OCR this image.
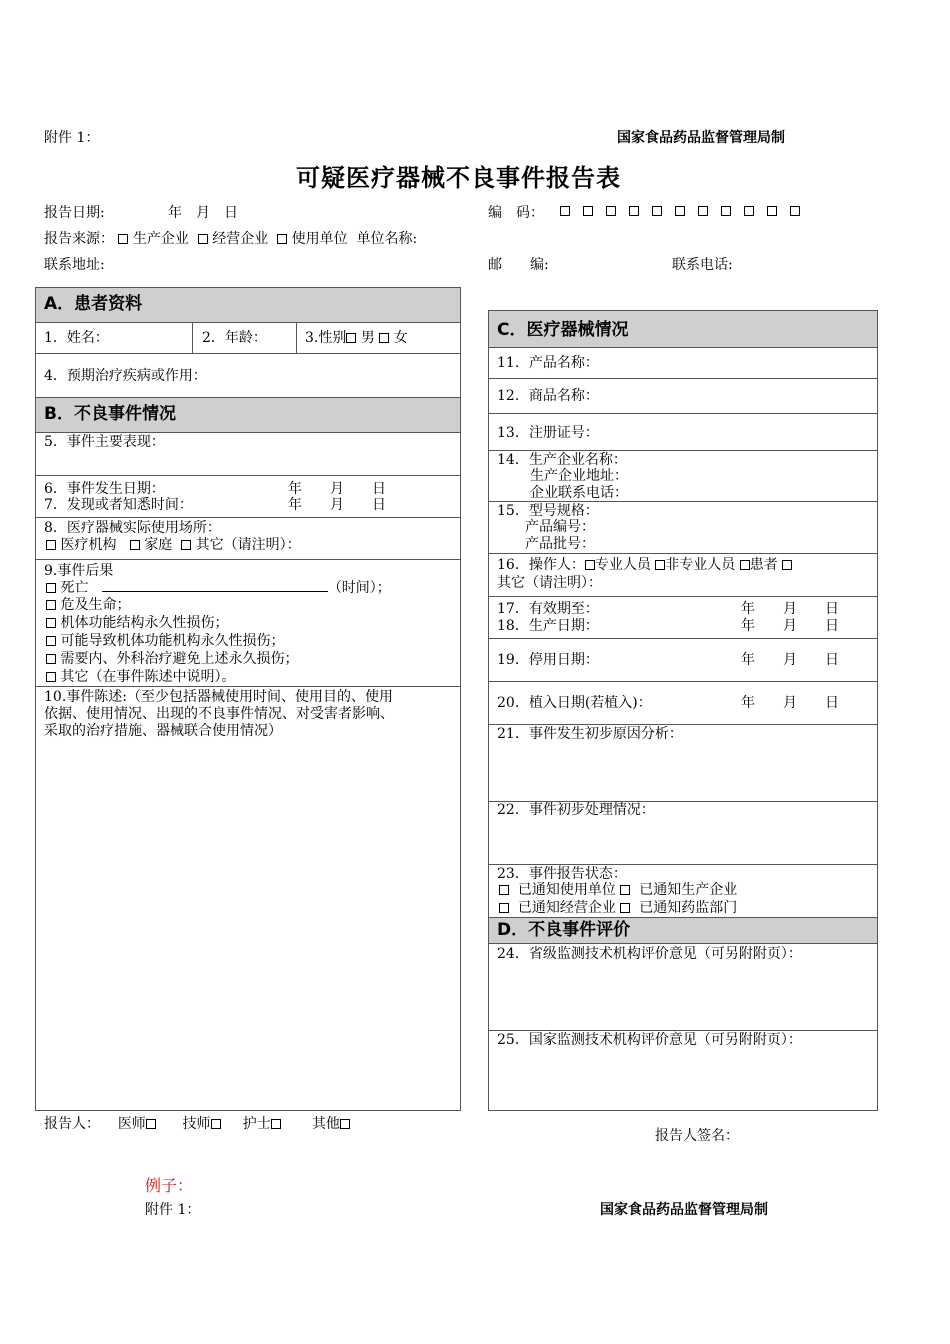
附件 1：	国家食品药品监督管理局制
可疑医疗器械不良事件报告表
报告日期:	年　月　日	编　码：
报告来源： 生产企业 经营企业 使用单位 单位名称:
联系地址:	邮　　编:	联系电话:
A．患者资料
1．姓名：	2．年龄：	3.性别 男 女
4．预期治疗疾病或作用：
B．不良事件情况
5．事件主要表现：
6．事件发生日期：	年　　月　　日
7．发现或者知悉时间：	年　　月　　日
8．医疗器械实际使用场所：
医疗机构 家庭 其它（请注明）：
9.事件后果
死亡	（时间）；
危及生命；
机体功能结构永久性损伤；
可能导致机体功能机构永久性损伤；
需要内、外科治疗避免上述永久损伤；
其它（在事件陈述中说明）。
10.事件陈述:（至少包括器械使用时间、使用目的、使用
依据、使用情况、出现的不良事件情况、对受害者影响、
采取的治疗措施、器械联合使用情况）
报告人： 医师	技师 护士	其他
C．医疗器械情况
11．产品名称：
12．商品名称：
13．注册证号：
14．生产企业名称：
生产企业地址：
企业联系电话：
15．型号规格：
产品编号：
产品批号：
16．操作人： 专业人员 非专业人员 患者
其它（请注明）：
17．有效期至：	年　　月　　日
18．生产日期：	年　　月　　日
19．停用日期：	年　　月　　日
20．植入日期(若植入)：	年　　月　　日
21．事件发生初步原因分析：
22．事件初步处理情况：
23．事件报告状态：
已通知使用单位 已通知生产企业
已通知经营企业 已通知药监部门
D．不良事件评价
24．省级监测技术机构评价意见（可另附附页）：
25．国家监测技术机构评价意见（可另附附页）：
报告人签名：
例子：
附件 1：	国家食品药品监督管理局制
